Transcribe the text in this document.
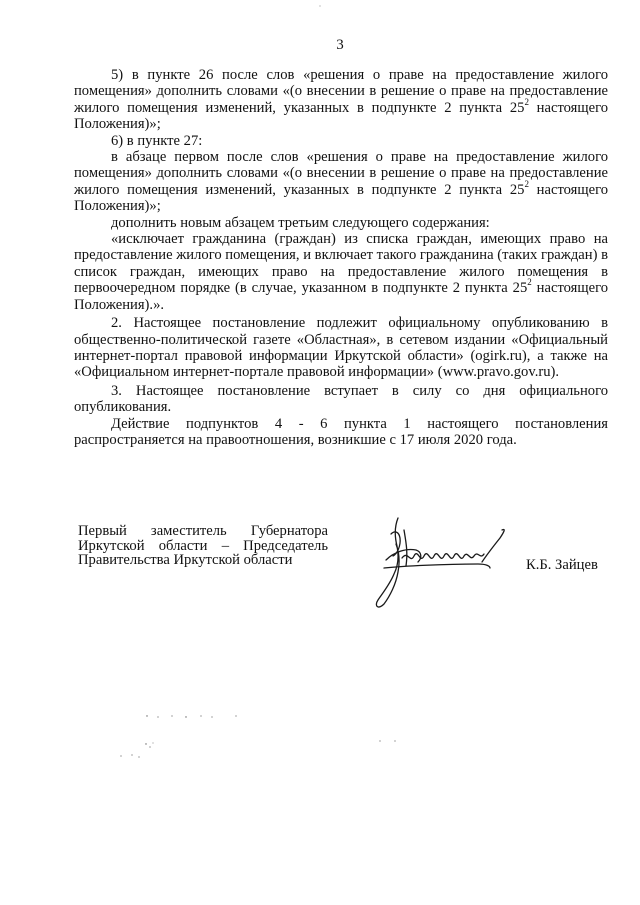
3

5) в пункте 26 после слов «решения о праве на предоставление жилого помещения» дополнить словами «(о внесении в решение о праве на предоставление жилого помещения изменений, указанных в подпункте 2 пункта $25^2$ настоящего Положения)»;

6) в пункте 27:

в абзаце первом после слов «решения о праве на предоставление жилого помещения» дополнить словами «(о внесении в решение о праве на предоставление жилого помещения изменений, указанных в подпункте 2 пункта $25^2$ настоящего Положения)»;

дополнить новым абзацем третьим следующего содержания:

«исключает гражданина (граждан) из списка граждан, имеющих право на предоставление жилого помещения, и включает такого гражданина (таких граждан) в список граждан, имеющих право на предоставление жилого помещения в первоочередном порядке (в случае, указанном в подпункте 2 пункта $25^2$ настоящего Положения).».

2. Настоящее постановление подлежит официальному опубликованию в общественно-политической газете «Областная», в сетевом издании «Официальный интернет-портал правовой информации Иркутской области» (ogirk.ru), а также на «Официальном интернет-портале правовой информации» (www.pravo.gov.ru).

3. Настоящее постановление вступает в силу со дня официального опубликования.

Действие подпунктов 4 - 6 пункта 1 настоящего постановления распространяется на правоотношения, возникшие с 17 июля 2020 года.

Первый заместитель Губернатора
Иркутской области – Председатель
Правительства Иркутской области	К.Б. Зайцев
